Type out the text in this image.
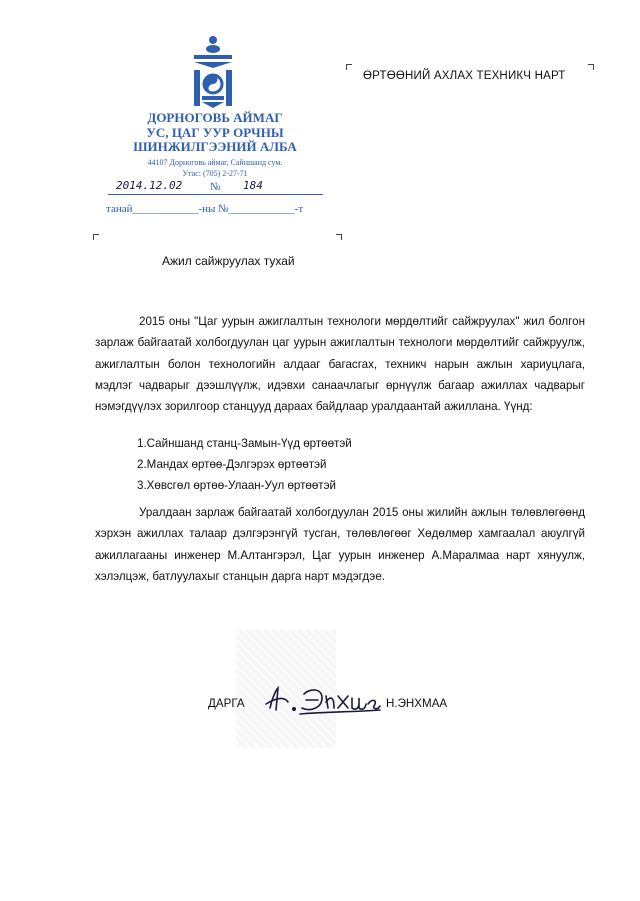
ДОРНОГОВЬ АЙМАГ
УС, ЦАГ УУР ОРЧНЫ
ШИНЖИЛГЭЭНИЙ АЛБА
44107 Дорноговь аймаг, Сайншанд сум.
Утас: (705) 2-27-71
2014.12.02	№ 184
танай____________-ны №____________-т
ӨРТӨӨНИЙ АХЛАХ ТЕХНИКЧ НАРТ
Ажил сайжруулах тухай
2015 оны "Цаг уурын ажиглалтын технологи мөрдөлтийг сайжруулах" жил болгон зарлаж байгаатай холбогдуулан цаг уурын ажиглалтын технологи мөрдөлтийг сайжруулж, ажиглалтын болон технологийн алдааг багасгах, техникч нарын ажлын хариуцлага, мэдлэг чадварыг дээшлүүлж, идэвхи санаачлагыг өрнүүлж багаар ажиллах чадварыг нэмэгдүүлэх зорилгоор станцууд дараах байдлаар уралдаантай ажиллана. Үүнд:
1.Сайншанд станц-Замын-Үүд өртөөтэй
2.Мандах өртөө-Дэлгэрэх өртөөтэй
3.Хөвсгөл өртөө-Улаан-Уул өртөөтэй
Уралдаан зарлаж байгаатай холбогдуулан 2015 оны жилийн ажлын төлөвлөгөөнд хэрхэн ажиллах талаар дэлгэрэнгүй тусган, төлөвлөгөөг Хөдөлмөр хамгаалал аюулгүй ажиллагааны инженер М.Алтангэрэл, Цаг уурын инженер А.Маралмаа нарт хянуулж, хэлэлцэж, батлуулахыг станцын дарга нарт мэдэгдэе.
ДАРГА	Н.ЭНХМАА
